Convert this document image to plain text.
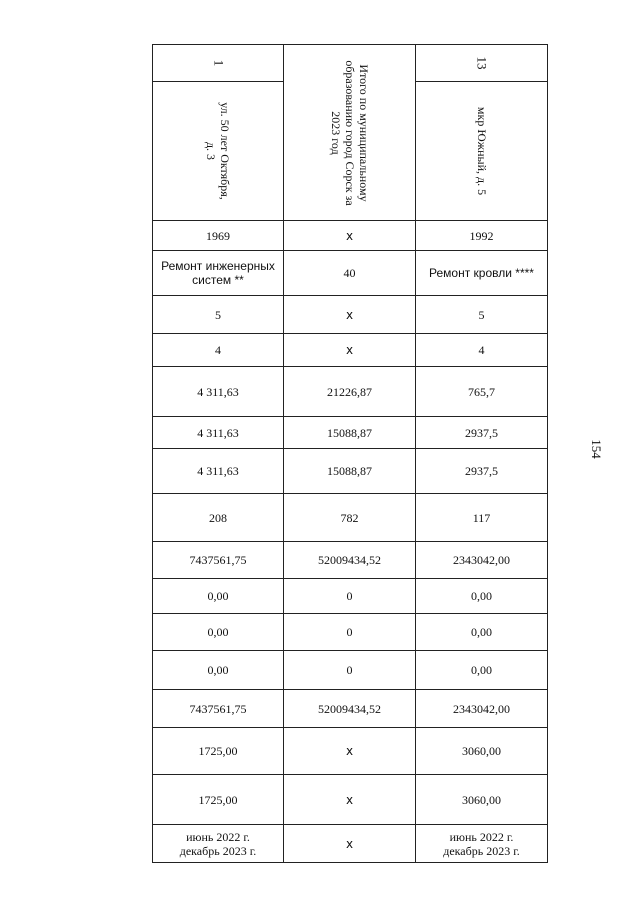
1	Итого по муниципальному
образованию город Сорск за
2023 год	13

ул. 50 лет Октября,
д. 3		мкр Южный, д. 5

1969	х	1992
Ремонт инженерных систем **	40	Ремонт кровли ****
5	х	5
4	х	4
4 311,63	21226,87	765,7
4 311,63	15088,87	2937,5
4 311,63	15088,87	2937,5
208	782	117
7437561,75	52009434,52	2343042,00
0,00	0	0,00
0,00	0	0,00
0,00	0	0,00
7437561,75	52009434,52	2343042,00
1725,00	х	3060,00
1725,00	х	3060,00
июнь 2022 г.
декабрь 2023 г.	х	июнь 2022 г.
декабрь 2023 г.
154
